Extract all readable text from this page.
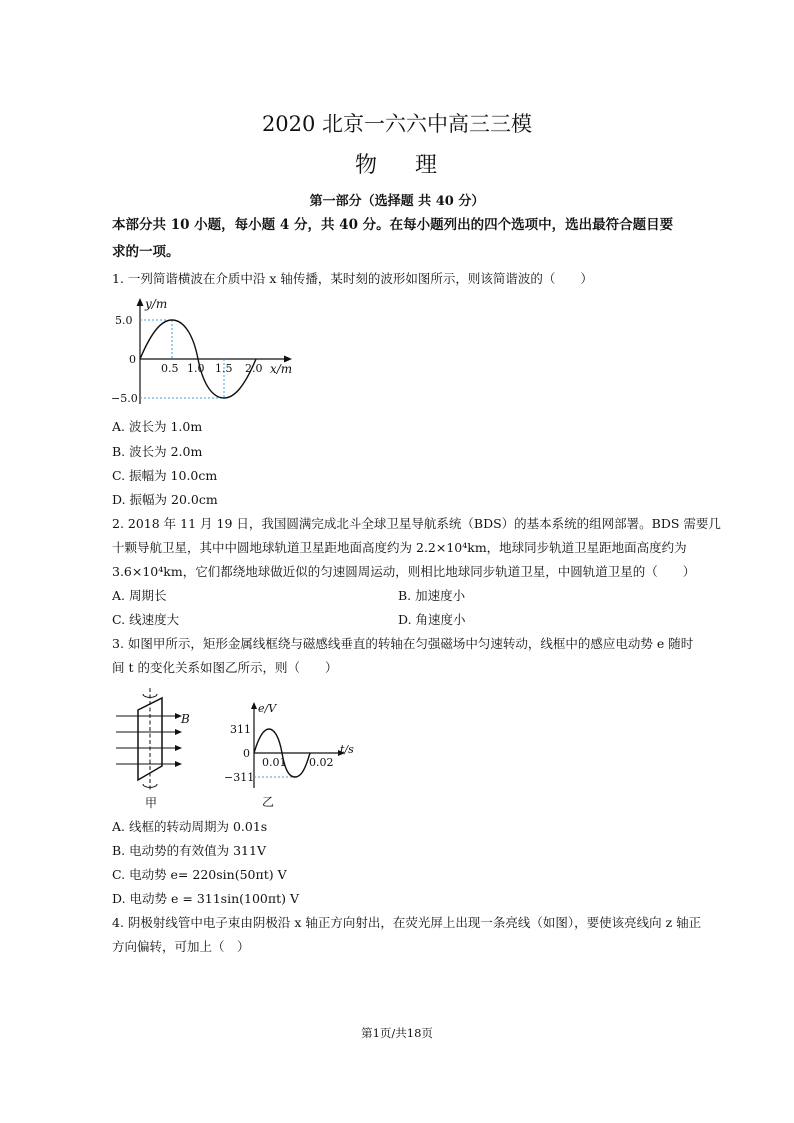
2020 北京一六六中高三三模
物 理
第一部分（选择题 共 40 分）
本部分共 10 小题，每小题 4 分，共 40 分。在每小题列出的四个选项中，选出最符合题目要
求的一项。
1. 一列简谐横波在介质中沿 x 轴传播，某时刻的波形如图所示，则该简谐波的（　　）
y/m
x/m
5.0
0
−5.0
0.5 1.0 1.5 2.0
A. 波长为 1.0m
B. 波长为 2.0m
C. 振幅为 10.0cm
D. 振幅为 20.0cm
2. 2018 年 11 月 19 日，我国圆满完成北斗全球卫星导航系统（BDS）的基本系统的组网部署。BDS 需要几
十颗导航卫星，其中中圆地球轨道卫星距地面高度约为 2.2×10⁴km，地球同步轨道卫星距地面高度约为
3.6×10⁴km，它们都绕地球做近似的匀速圆周运动，则相比地球同步轨道卫星，中圆轨道卫星的（　　）
A. 周期长	B. 加速度小
C. 线速度大	D. 角速度小
3. 如图甲所示，矩形金属线框绕与磁感线垂直的转轴在匀强磁场中匀速转动，线框中的感应电动势 e 随时
间 t 的变化关系如图乙所示，则（　　）
B
甲
e/V
t/s
311
0
−311
0.01 0.02
乙
A. 线框的转动周期为 0.01s
B. 电动势的有效值为 311V
C. 电动势 e= 220sin(50πt) V
D. 电动势 e = 311sin(100πt) V
4. 阴极射线管中电子束由阴极沿 x 轴正方向射出，在荧光屏上出现一条亮线（如图），要使该亮线向 z 轴正
方向偏转，可加上（　）
第1页/共18页
